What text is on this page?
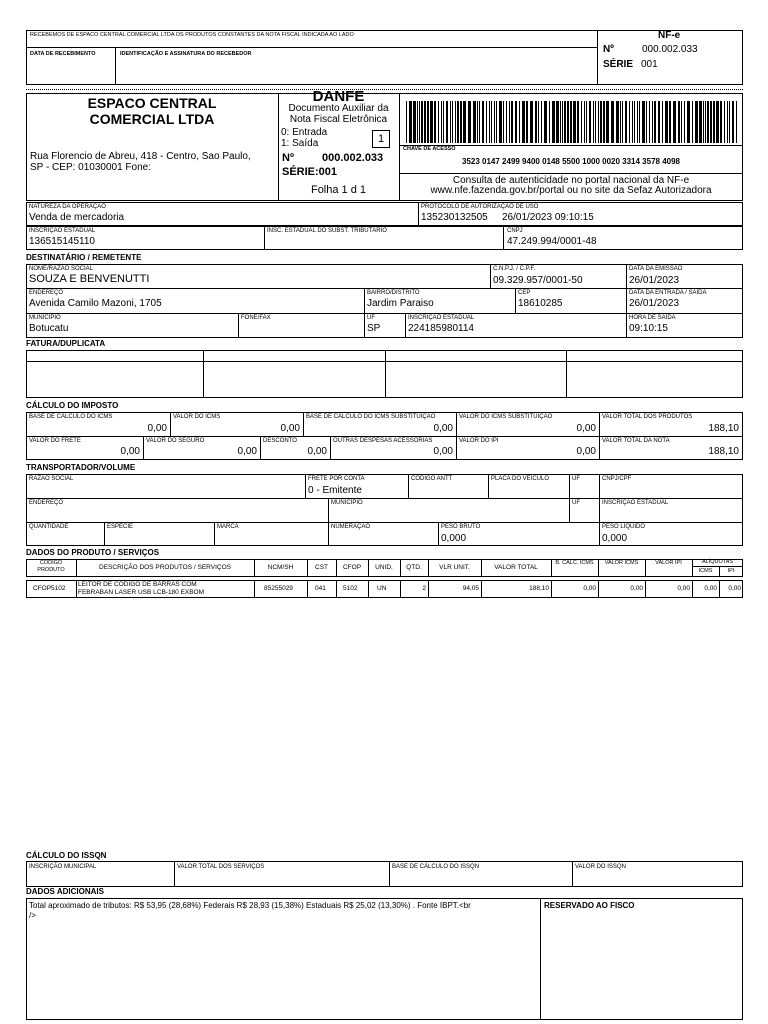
RECEBEMOS DE ESPACO CENTRAL COMERCIAL LTDA OS PRODUTOS CONSTANTES DA NOTA FISCAL INDICADA AO LADO
DATA DE RECEBIMENTO	IDENTIFICAÇÃO E ASSINATURA DO RECEBEDOR
NF-e
Nº	000.002.033
SÉRIE 001
ESPACO CENTRAL
COMERCIAL LTDA
Rua Florencio de Abreu, 418 - Centro, Sao Paulo,
SP - CEP: 01030001 Fone:
DANFE
Documento Auxiliar da
Nota Fiscal Eletrônica
0: Entrada
1: Saída	1
Nº	000.002.033
SÉRIE:001
Folha 1 d 1
CHAVE DE ACESSO
3523 0147 2499 9400 0148 5500 1000 0020 3314 3578 4098
Consulta de autenticidade no portal nacional da NF-e
www.nfe.fazenda.gov.br/portal ou no site da Sefaz Autorizadora
NATUREZA DA OPERAÇÃO
Venda de mercadoria
PROTOCOLO DE AUTORIZAÇÃO DE USO
135230132505 26/01/2023 09:10:15
INSCRIÇÃO ESTADUAL
136515145110
INSC. ESTADUAL DO SUBST. TRIBUTÁRIO	CNPJ
47.249.994/0001-48
DESTINATÁRIO / REMETENTE
NOME/RAZÃO SOCIAL
SOUZA E BENVENUTTI
C.N.P.J. / C.P.F.
09.329.957/0001-50
DATA DA EMISSÃO
26/01/2023
ENDEREÇO
Avenida Camilo Mazoni, 1705
BAIRRO/DISTRITO
Jardim Paraiso
CEP
18610285
DATA DA ENTRADA / SAÍDA
26/01/2023
MUNICÍPIO
Botucatu
FONE/FAX	UF
SP
INSCRIÇÃO ESTADUAL
224185980114
HORA DE SAÍDA
09:10:15
FATURA/DUPLICATA
CÁLCULO DO IMPOSTO
BASE DE CÁLCULO DO ICMS
0,00
VALOR DO ICMS
0,00
BASE DE CÁLCULO DO ICMS SUBSTITUIÇÃO
0,00
VALOR DO ICMS SUBSTITUIÇÃO
0,00
VALOR TOTAL DOS PRODUTOS
188,10
VALOR DO FRETE
0,00
VALOR DO SEGURO
0,00
DESCONTO
0,00
OUTRAS DESPESAS ACESSÓRIAS
0,00
VALOR DO IPI
0,00
VALOR TOTAL DA NOTA
188,10
TRANSPORTADOR/VOLUME
RAZÃO SOCIAL	FRETE POR CONTA
0 - Emitente
CÓDIGO ANTT	PLACA DO VEÍCULO	UF	CNPJ/CPF
ENDEREÇO	MUNICÍPIO	UF	INSCRIÇÃO ESTADUAL
QUANTIDADE	ESPÉCIE	MARCA	NUMERAÇÃO	PESO BRUTO
0,000
PESO LÍQUIDO
0,000
DADOS DO PRODUTO / SERVIÇOS
CÓDIGO PRODUTO	DESCRIÇÃO DOS PRODUTOS / SERVIÇOS	NCM/SH	CST	CFOP	UNID.	QTD.	VLR UNIT.	VALOR TOTAL
B. CÁLC. ICMS	VALOR ICMS	VALOR IPI	ALÍQUOTAS
ICMS	IPI
CFOP5102
LEITOR DE CODIGO DE BARRAS COM
FEBRABAN LASER USB LCB-180 EXBOM
85255029	041	5102	UN	2	94,05	188,10	0,00	0,00	0,00	0,00	0,00
CÁLCULO DO ISSQN
INSCRIÇÃO MUNICIPAL	VALOR TOTAL DOS SERVIÇOS	BASE DE CÁLCULO DO ISSQN	VALOR DO ISSQN
DADOS ADICIONAIS
Total aproximado de tributos: R$ 53,95 (28,68%) Federais R$ 28,93 (15,38%) Estaduais R$ 25,02 (13,30%) . Fonte IBPT.<br
/>
RESERVADO AO FISCO
